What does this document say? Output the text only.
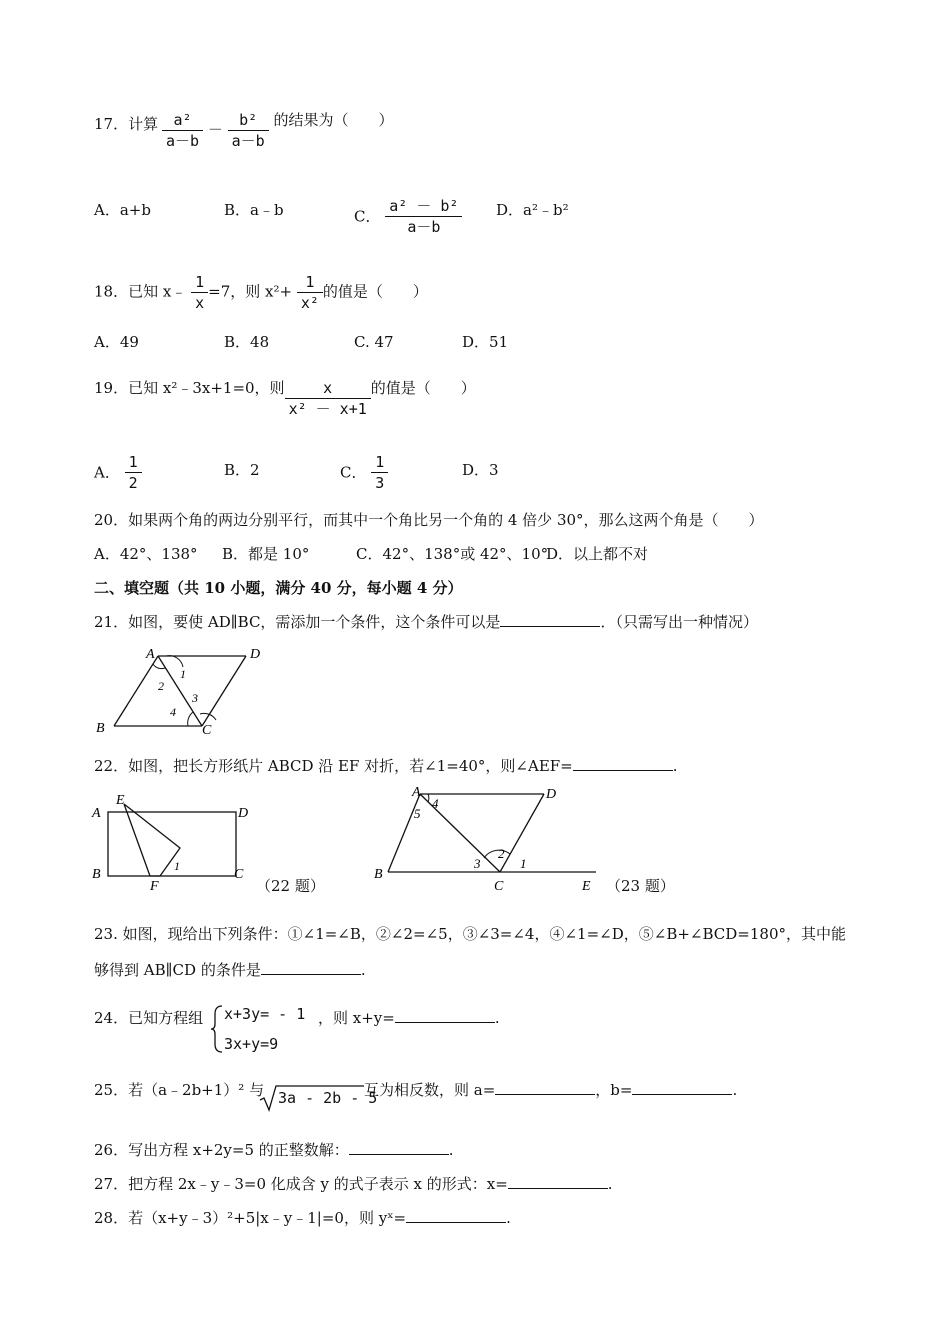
17．计算 $\frac{\text{a²}}{a-b} - \frac{\text{b²}}{a-b}$ 的结果为（　　）
A．a+b	B．a﹣b	C． $\frac{\text{a² － b²}}{a-b}$ D．a²﹣b²
18．已知 x﹣ $\frac{1}{x} =7$，则 $x^2+ \frac{1}{\text{x²}}$ 的值是（　　）
A．49	B．48	C. 47	D．51
19．已知 x²﹣3x+1=0，则 $\frac{x}{\text{x² － x+1}}$ 的值是（　　）
A． $\frac{1}{2}$	B．2	C． $\frac{1}{3}$	D．3
20．如果两个角的两边分别平行，而其中一个角比另一个角的 4 倍少 30°，那么这两个角是（　　）
A．42°、138° B．都是 10°	C．42°、138°或 42°、10°
D．以上都不对
二、填空题（共 10 小题，满分 40 分，每小题 4 分）
21．如图，要使 AD∥BC，需添加一个条件，这个条件可以是	．（只需写出一种情况）
A	D
B	C
1
2
3
4
22．如图，把长方形纸片 ABCD 沿 EF 对折，若∠1=40°，则∠AEF=	.
A
E
D
B
F
C
1
（22 题）
A	D
B
C	E
1
2
3
4
5
（23 题）
23. 如图，现给出下列条件：①∠1=∠B，②∠2=∠5，③∠3=∠4，④∠1=∠D，⑤∠B+∠BCD=180°，其中能
够得到 AB∥CD 的条件是	.
24．已知方程组 x+3y= - 1
3x+y=9
，则 x+y=	.
25．若（a﹣2b+1）² 与 3a - 2b - 5
互为相反数，则 a=	，b=	.
26．写出方程 x+2y=5 的正整数解：	.
27．把方程 2x﹣y﹣3=0 化成含 y 的式子表示 x 的形式：x=	.
28．若（x+y﹣3）²+5|x﹣y﹣1|=0，则 yˣ=	.
